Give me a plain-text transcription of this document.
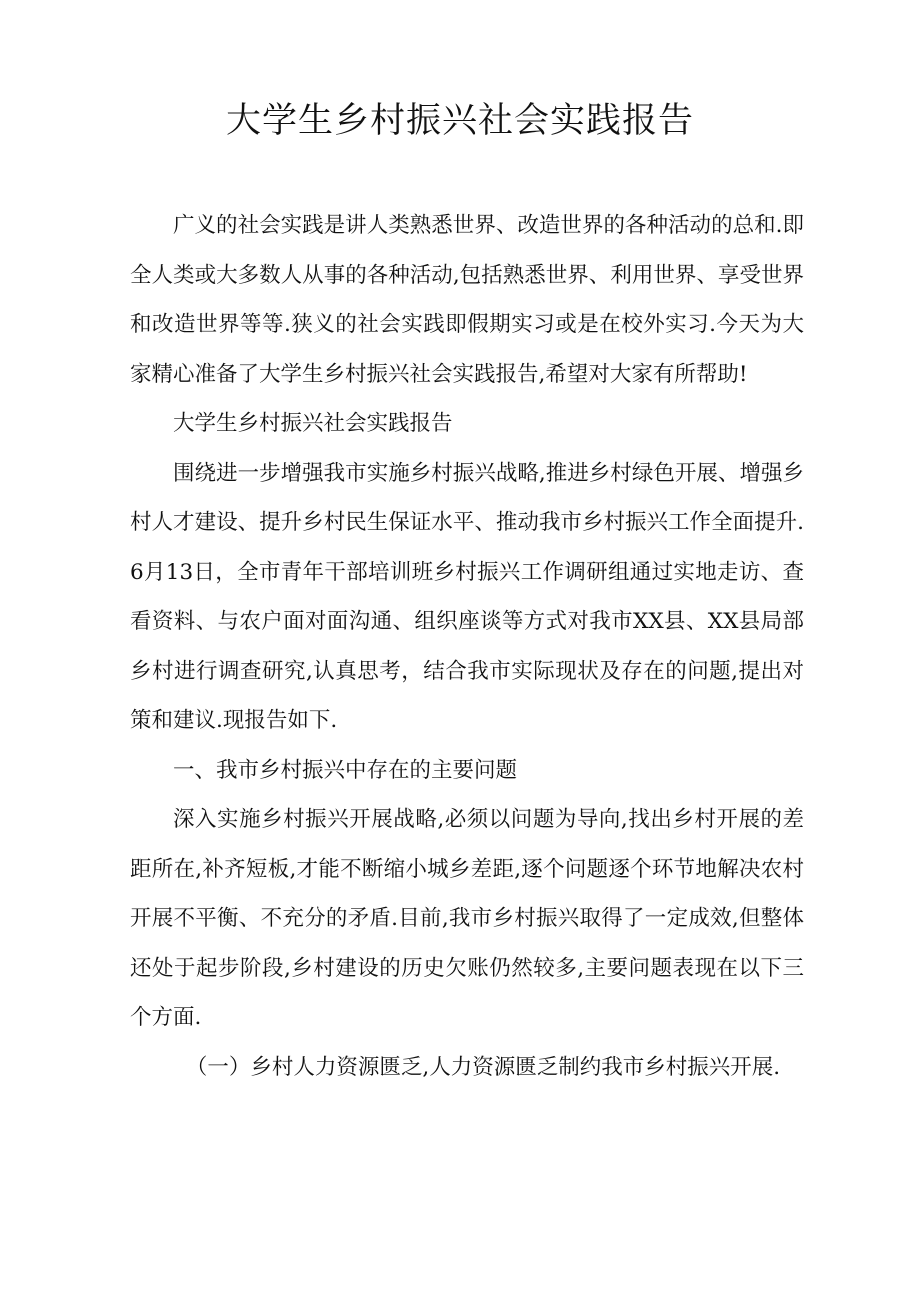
大学生乡村振兴社会实践报告

广义的社会实践是讲人类熟悉世界、改造世界的各种活动的总和.即全人类或大多数人从事的各种活动,包括熟悉世界、利用世界、享受世界和改造世界等等.狭义的社会实践即假期实习或是在校外实习.今天为大家精心准备了大学生乡村振兴社会实践报告,希望对大家有所帮助!

大学生乡村振兴社会实践报告

围绕进一步增强我市实施乡村振兴战略,推进乡村绿色开展、增强乡村人才建设、提升乡村民生保证水平、推动我市乡村振兴工作全面提升.6月13日，全市青年干部培训班乡村振兴工作调研组通过实地走访、查看资料、与农户面对面沟通、组织座谈等方式对我市XX县、XX县局部乡村进行调查研究,认真思考，结合我市实际现状及存在的问题,提出对策和建议.现报告如下.

一、我市乡村振兴中存在的主要问题

深入实施乡村振兴开展战略,必须以问题为导向,找出乡村开展的差距所在,补齐短板,才能不断缩小城乡差距,逐个问题逐个环节地解决农村开展不平衡、不充分的矛盾.目前,我市乡村振兴取得了一定成效,但整体还处于起步阶段,乡村建设的历史欠账仍然较多,主要问题表现在以下三个方面.

（一）乡村人力资源匮乏,人力资源匮乏制约我市乡村振兴开展.
